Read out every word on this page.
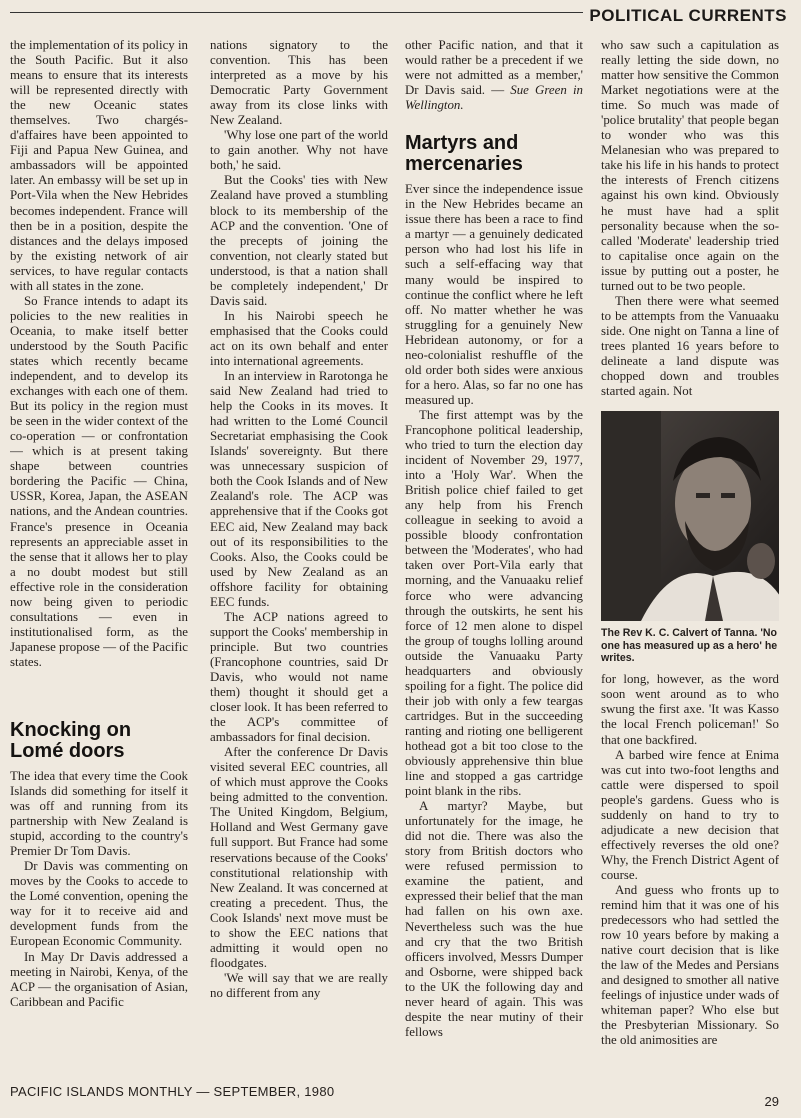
POLITICAL CURRENTS

the implementation of its policy in the South Pacific. But it also means to ensure that its interests will be represented directly with the new Oceanic states themselves. Two chargés-d'affaires have been appointed to Fiji and Papua New Guinea, and ambassadors will be appointed later. An embassy will be set up in Port-Vila when the New Hebrides becomes independent. France will then be in a position, despite the distances and the delays imposed by the existing network of air services, to have regular contacts with all states in the zone.

So France intends to adapt its policies to the new realities in Oceania, to make itself better understood by the South Pacific states which recently became independent, and to develop its exchanges with each one of them. But its policy in the region must be seen in the wider context of the co-operation — or confrontation — which is at present taking shape between countries bordering the Pacific — China, USSR, Korea, Japan, the ASEAN nations, and the Andean countries. France's presence in Oceania represents an appreciable asset in the sense that it allows her to play a no doubt modest but still effective role in the consideration now being given to periodic consultations — even in institutionalised form, as the Japanese propose — of the Pacific states.

Knocking on Lomé doors

The idea that every time the Cook Islands did something for itself it was off and running from its partnership with New Zealand is stupid, according to the country's Premier Dr Tom Davis.

Dr Davis was commenting on moves by the Cooks to accede to the Lomé convention, opening the way for it to receive aid and development funds from the European Economic Community.

In May Dr Davis addressed a meeting in Nairobi, Kenya, of the ACP — the organisation of Asian, Caribbean and Pacific

nations signatory to the convention. This has been interpreted as a move by his Democratic Party Government away from its close links with New Zealand.

'Why lose one part of the world to gain another. Why not have both,' he said.

But the Cooks' ties with New Zealand have proved a stumbling block to its membership of the ACP and the convention. 'One of the precepts of joining the convention, not clearly stated but understood, is that a nation shall be completely independent,' Dr Davis said.

In his Nairobi speech he emphasised that the Cooks could act on its own behalf and enter into international agreements.

In an interview in Rarotonga he said New Zealand had tried to help the Cooks in its moves. It had written to the Lomé Council Secretariat emphasising the Cook Islands' sovereignty. But there was unnecessary suspicion of both the Cook Islands and of New Zealand's role. The ACP was apprehensive that if the Cooks got EEC aid, New Zealand may back out of its responsibilities to the Cooks. Also, the Cooks could be used by New Zealand as an offshore facility for obtaining EEC funds.

The ACP nations agreed to support the Cooks' membership in principle. But two countries (Francophone countries, said Dr Davis, who would not name them) thought it should get a closer look. It has been referred to the ACP's committee of ambassadors for final decision.

After the conference Dr Davis visited several EEC countries, all of which must approve the Cooks being admitted to the convention. The United Kingdom, Belgium, Holland and West Germany gave full support. But France had some reservations because of the Cooks' constitutional relationship with New Zealand. It was concerned at creating a precedent. Thus, the Cook Islands' next move must be to show the EEC nations that admitting it would open no floodgates.

'We will say that we are really no different from any

other Pacific nation, and that it would rather be a precedent if we were not admitted as a member,' Dr Davis said. — Sue Green in Wellington.

Martyrs and mercenaries

Ever since the independence issue in the New Hebrides became an issue there has been a race to find a martyr — a genuinely dedicated person who had lost his life in such a self-effacing way that many would be inspired to continue the conflict where he left off. No matter whether he was struggling for a genuinely New Hebridean autonomy, or for a neo-colonialist reshuffle of the old order both sides were anxious for a hero. Alas, so far no one has measured up.

The first attempt was by the Francophone political leadership, who tried to turn the election day incident of November 29, 1977, into a 'Holy War'. When the British police chief failed to get any help from his French colleague in seeking to avoid a possible bloody confrontation between the 'Moderates', who had taken over Port-Vila early that morning, and the Vanuaaku relief force who were advancing through the outskirts, he sent his force of 12 men alone to dispel the group of toughs lolling around outside the Vanuaaku Party headquarters and obviously spoiling for a fight. The police did their job with only a few teargas cartridges. But in the succeeding ranting and rioting one belligerent hothead got a bit too close to the obviously apprehensive thin blue line and stopped a gas cartridge point blank in the ribs.

A martyr? Maybe, but unfortunately for the image, he did not die. There was also the story from British doctors who were refused permission to examine the patient, and expressed their belief that the man had fallen on his own axe. Nevertheless such was the hue and cry that the two British officers involved, Messrs Dumper and Osborne, were shipped back to the UK the following day and never heard of again. This was despite the near mutiny of their fellows

who saw such a capitulation as really letting the side down, no matter how sensitive the Common Market negotiations were at the time. So much was made of 'police brutality' that people began to wonder who was this Melanesian who was prepared to take his life in his hands to protect the interests of French citizens against his own kind. Obviously he must have had a split personality because when the so-called 'Moderate' leadership tried to capitalise once again on the issue by putting out a poster, he turned out to be two people.

Then there were what seemed to be attempts from the Vanuaaku side. One night on Tanna a line of trees planted 16 years before to delineate a land dispute was chopped down and troubles started again. Not

The Rev K. C. Calvert of Tanna. 'No one has measured up as a hero' he writes.

for long, however, as the word soon went around as to who swung the first axe. 'It was Kasso the local French policeman!' So that one backfired.

A barbed wire fence at Enima was cut into two-foot lengths and cattle were dispersed to spoil people's gardens. Guess who is suddenly on hand to try to adjudicate a new decision that effectively reverses the old one? Why, the French District Agent of course.

And guess who fronts up to remind him that it was one of his predecessors who had settled the row 10 years before by making a native court decision that is like the law of the Medes and Persians and designed to smother all native feelings of injustice under wads of whiteman paper? Who else but the Presbyterian Missionary. So the old animosities are

PACIFIC ISLANDS MONTHLY — SEPTEMBER, 1980
29
